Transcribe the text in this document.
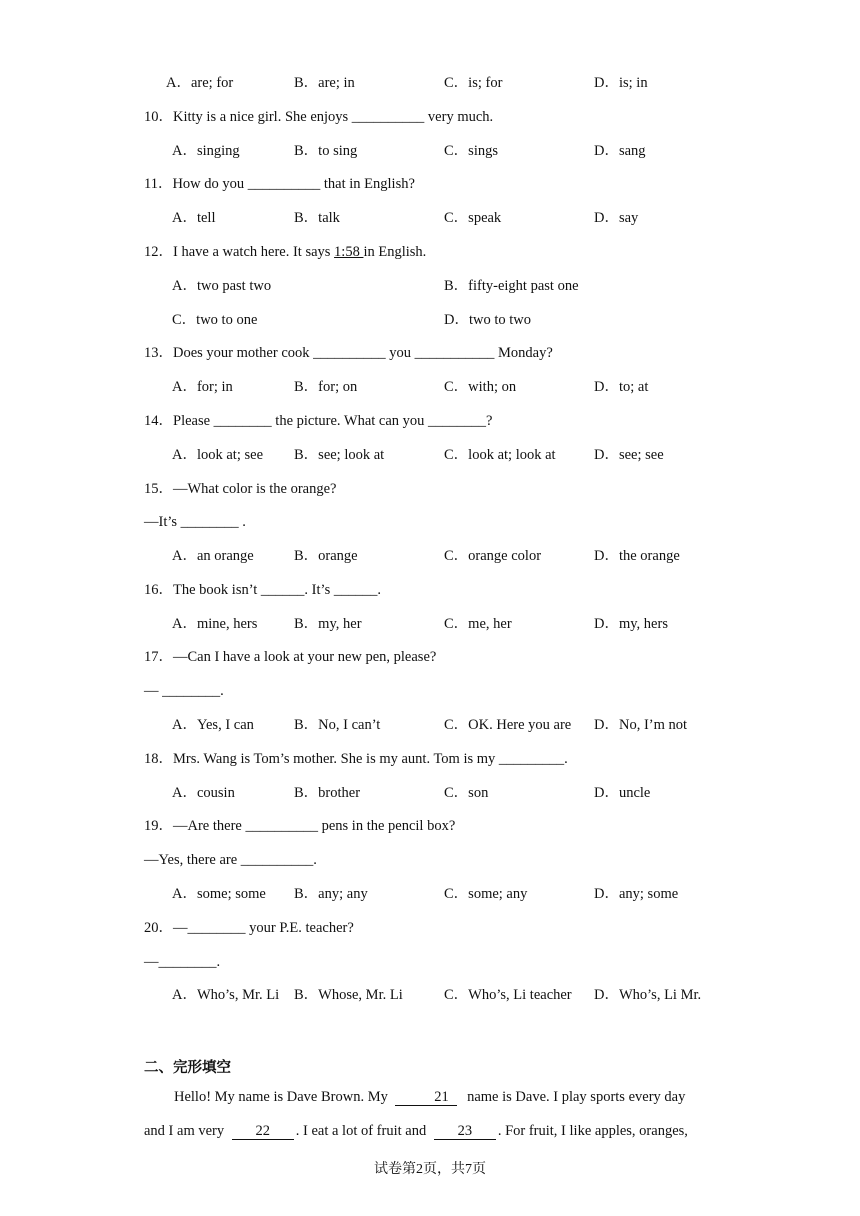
A．are; for	B．are; in	C．is; for	D．is; in
10．Kitty is a nice girl. She enjoys __________ very much.
A．singing	B．to sing	C．sings	D．sang
11．How do you __________ that in English?
A．tell	B．talk	C．speak	D．say
12．I have a watch here. It says 1:58 in English.
A．two past two	B．fifty-eight past one
C．two to one	D．two to two
13．Does your mother cook __________ you ___________ Monday?
A．for; in	B．for; on	C．with; on	D．to; at
14．Please ________ the picture. What can you ________?
A．look at; see B．see; look at	C．look at; look at	D．see; see
15．—What color is the orange?
—It’s ________ .
A．an orange	B．orange	C．orange color	D．the orange
16．The book isn’t ______. It’s ______.
A．mine, hers	B．my, her	C．me, her	D．my, hers
17．—Can I have a look at your new pen, please?
— ________.
A．Yes, I can	B．No, I can’t	C．OK. Here you are D．No, I’m not
18．Mrs. Wang is Tom’s mother. She is my aunt. Tom is my _________.
A．cousin	B．brother	C．son	D．uncle
19．—Are there __________ pens in the pencil box?
—Yes, there are __________.
A．some; some B．any; any	C．some; any	D．any; some
20．—________ your P.E. teacher?
—________.
A．Who’s, Mr. Li B．Whose, Mr. Li	C．Who’s, Li teacher D．Who’s, Li Mr.
二、完形填空
Hello! My name is Dave Brown. My	21 name is Dave. I play sports every day
and I am very 22 . I eat a lot of fruit and 23 . For fruit, I like apples, oranges,
试卷第2页，共7页
